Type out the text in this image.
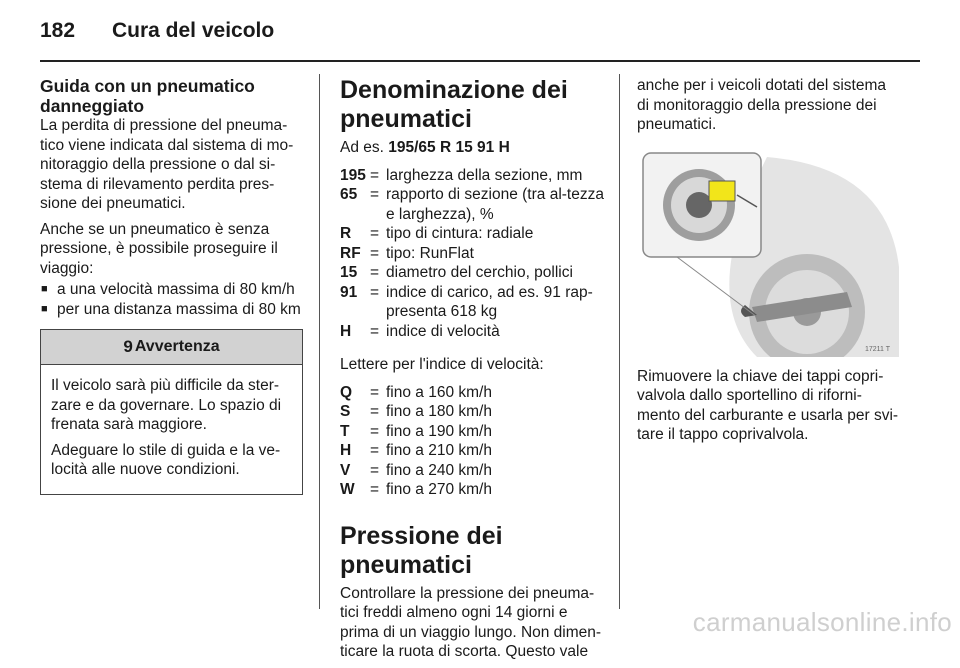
182 Cura del veicolo
Guida con un pneumatico danneggiato

La perdita di pressione del pneuma-tico viene indicata dal sistema di mo-nitoraggio della pressione o dal si-stema di rilevamento perdita pres-sione dei pneumatici.

Anche se un pneumatico è senza pressione, è possibile proseguire il viaggio:

■ a una velocità massima di 80 km/h
■ per una distanza massima di 80 km
9 Avvertenza

Il veicolo sarà più difficile da ster-zare e da governare. Lo spazio di frenata sarà maggiore.

Adeguare lo stile di guida e la ve-locità alle nuove condizioni.

Denominazione dei pneumatici

Ad es. 195/65 R 15 91 H

195 = larghezza della sezione, mm
65 = rapporto di sezione (tra al-tezza e larghezza), %
R	= tipo di cintura: radiale
RF = tipo: RunFlat
15 = diametro del cerchio, pollici
91 = indice di carico, ad es. 91 rap-presenta 618 kg
H	= indice di velocità

Lettere per l'indice di velocità:

Q	= fino a 160 km/h
S	= fino a 180 km/h
T	= fino a 190 km/h
H	= fino a 210 km/h
V	= fino a 240 km/h
W = fino a 270 km/h
Pressione dei pneumatici

Controllare la pressione dei pneuma-tici freddi almeno ogni 14 giorni e prima di un viaggio lungo. Non dimen-ticare la ruota di scorta. Questo vale

anche per i veicoli dotati del sistema di monitoraggio della pressione dei pneumatici.

17211 T

Rimuovere la chiave dei tappi copri-valvola dallo sportellino di riforni-mento del carburante e usarla per svi-tare il tappo coprivalvola.

carmanualsonline.info
